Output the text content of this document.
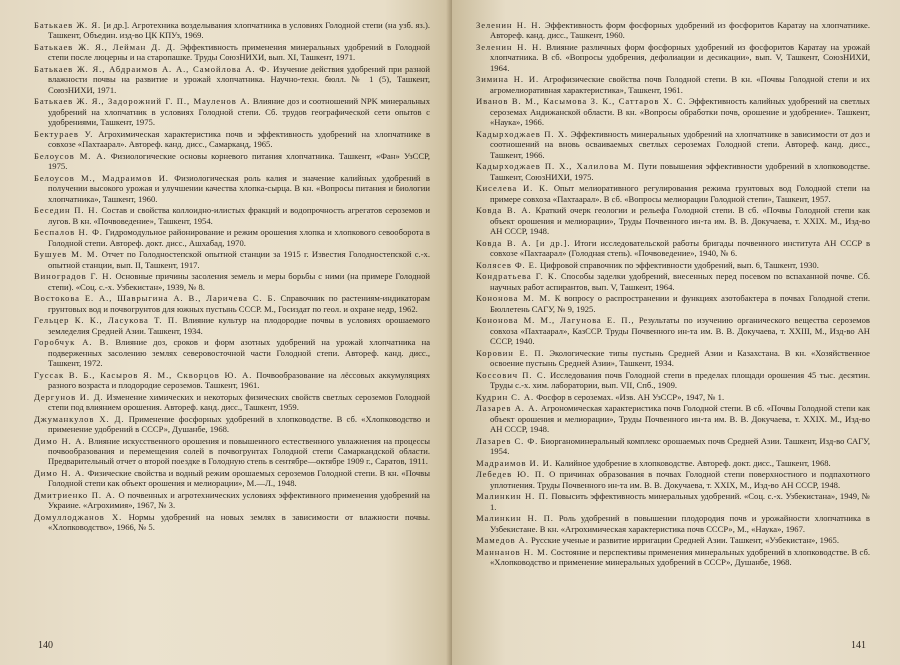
Батькаев Ж. Я. [и др.]. Агротехника возделывания хлопчатника в условиях Голодной степи (на узб. яз.). Ташкент, Объедин. изд-во ЦК КПУз, 1969.

Батькаев Ж. Я., Лейман Д. Д. Эффективность применения минеральных удобрений в Голодной степи после люцерны и на старопашке. Труды СоюзНИХИ, вып. XI, Ташкент, 1971.

Батькаев Ж. Я., Абдраимов А. А., Самойлова А. Ф. Изучение действия удобрений при разной влажности почвы на развитие и урожай хлопчатника. Научно-техн. бюлл. № 1 (5), Ташкент, СоюзНИХИ, 1971.

Батькаев Ж. Я., Задорожний Г. П., Мауленов А. Влияние доз и соотношений NPK минеральных удобрений на хлопчатник в условиях Голодной степи. Сб. трудов географической сети опытов с удобрениями, Ташкент, 1975.

Бектураев У. Агрохимическая характеристика почв и эффективность удобрений на хлопчатнике в совхозе «Пахтаарал». Автореф. канд. дисс., Самарканд, 1965.

Белоусов М. А. Физиологические основы корневого питания хлопчатника. Ташкент, «Фан» УзССР, 1975.

Белоусов М., Мадраимов И. Физиологическая роль калия и значение калийных удобрений в получении высокого урожая и улучшении качества хлопка-сырца. В кн. «Вопросы питания и биологии хлопчатника», Ташкент, 1960.

Беседин П. Н. Состав и свойства коллоидно-илистых фракций и водопрочность агрегатов сероземов и лугов. В кн. «Почвоведение», Ташкент, 1954.

Беспалов Н. Ф. Гидромодульное районирование и режим орошения хлопка и хлопкового севооборота в Голодной степи. Автореф. докт. дисс., Ашхабад, 1970.

Бушуев М. М. Отчет по Голодностепской опытной станции за 1915 г. Известия Голодностепской с.-х. опытной станции, вып. II, Ташкент, 1917.

Виноградов Г. Н. Основные причины засоления земель и меры борьбы с ними (на примере Голодной степи). «Соц. с.-х. Узбекистан», 1939, № 8.

Востокова Е. А., Шаврыгина А. В., Ларичева С. Б. Справочник по растениям-индикаторам грунтовых вод и почвогрунтов для южных пустынь СССР. М., Госиздат по геол. и охране недр, 1962.

Гельцер К. К., Ласукова Т. П. Влияние культур на плодородие почвы в условиях орошаемого земледелия Средней Азии. Ташкент, 1934.

Горобчук А. В. Влияние доз, сроков и форм азотных удобрений на урожай хлопчатника на подверженных засолению землях северовосточной части Голодной степи. Автореф. канд. дисс., Ташкент, 1972.

Гуссак В. Б., Касыров Я. М., Скворцов Ю. А. Почвообразование на лёссовых аккумуляциях разного возраста и плодородие сероземов. Ташкент, 1961.

Дергунов И. Д. Изменение химических и некоторых физических свойств светлых сероземов Голодной степи под влиянием орошения. Автореф. канд. дисс., Ташкент, 1959.

Джуманкулов Х. Д. Применение фосфорных удобрений в хлопководстве. В сб. «Хлопководство и применение удобрений в СССР», Душанбе, 1968.

Димо Н. А. Влияние искусственного орошения и повышенного естественного увлажнения на процессы почвообразования и перемещения солей в почвогрунтах Голодной степи Самаркандской области. Предварительный отчет о второй поездке в Голодную степь в сентябре—октябре 1909 г., Саратов, 1911.

Димо Н. А. Физические свойства и водный режим орошаемых сероземов Голодной степи. В кн. «Почвы Голодной степи как объект орошения и мелиорации», М.—Л., 1948.

Дмитриенко П. А. О почвенных и агротехнических условиях эффективного применения удобрений на Украине. «Агрохимия», 1967, № 3.

Домуллоджанов Х. Нормы удобрений на новых землях в зависимости от влажности почвы. «Хлопководство», 1966, № 5.

140

Зеленин Н. Н. Эффективность форм фосфорных удобрений из фосфоритов Каратау на хлопчатнике. Автореф. канд. дисс., Ташкент, 1960.

Зеленин Н. Н. Влияние различных форм фосфорных удобрений из фосфоритов Каратау на урожай хлопчатника. В сб. «Вопросы удобрения, дефолиации и десикации», вып. V, Ташкент, СоюзНИХИ, 1964.

Зимина Н. И. Агрофизические свойства почв Голодной степи. В кн. «Почвы Голодной степи и их агромелиоративная характеристика», Ташкент, 1961.

Иванов В. М., Касымова З. К., Саттаров Х. С. Эффективность калийных удобрений на светлых сероземах Андижанской области. В кн. «Вопросы обработки почв, орошение и удобрение». Ташкент, «Наука», 1966.

Кадырходжаев П. Х. Эффективность минеральных удобрений на хлопчатнике в зависимости от доз и соотношений на вновь осваиваемых светлых сероземах Голодной степи. Автореф. канд. дисс., Ташкент, 1966.

Кадырходжаев П. Х., Халилова М. Пути повышения эффективности удобрений в хлопководстве. Ташкент, СоюзНИХИ, 1975.

Киселева И. К. Опыт мелиоративного регулирования режима грунтовых вод Голодной степи на примере совхоза «Пахтаарал». В сб. «Вопросы мелиорации Голодной степи», Ташкент, 1957.

Ковда В. А. Краткий очерк геологии и рельефа Голодной степи. В сб. «Почвы Голодной степи как объект орошения и мелиорации», Труды Почвенного ин-та им. В. В. Докучаева, т. XXIX. М., Изд-во АН СССР, 1948.

Ковда В. А. [и др.]. Итоги исследовательской работы бригады почвенного института АН СССР в совхозе «Пахтаарал» (Голодная степь). «Почвоведение», 1940, № 6.

Колясев Ф. Е. Цифровой справочник по эффективности удобрений, вып. 6, Ташкент, 1930.

Кондратьева Г. К. Способы заделки удобрений, внесенных перед посевом по вспаханной почве. Сб. научных работ аспирантов, вып. V, Ташкент, 1964.

Кононова М. М. К вопросу о распространении и функциях азотобактера в почвах Голодной степи. Бюллетень САГУ, № 9, 1925.

Кононова М. М., Лагунова Е. П., Результаты по изучению органического вещества сероземов совхоза «Пахтаарал», КазССР. Труды Почвенного ин-та им. В. В. Докучаева, т. XXIII, М., Изд-во АН СССР, 1940.

Коровин Е. П. Экологические типы пустынь Средней Азии и Казахстана. В кн. «Хозяйственное освоение пустынь Средней Азии», Ташкент, 1934.

Коссович П. С. Исследования почв Голодной степи в пределах площади орошения 45 тыс. десятин. Труды с.-х. хим. лаборатории, вып. VII, Спб., 1909.

Кудрин С. А. Фосфор в сероземах. «Изв. АН УзССР», 1947, № 1.

Лазарев А. А. Агрономическая характеристика почв Голодной степи. В сб. «Почвы Голодной степи как объект орошения и мелиорации», Труды Почвенного ин-та им. В. В. Докучаева, т. XXIX. М., Изд-во АН СССР, 1948.

Лазарев С. Ф. Биорганоминеральный комплекс орошаемых почв Средней Азии. Ташкент, Изд-во САГУ, 1954.

Мадраимов И. И. Калийное удобрение в хлопководстве. Автореф. докт. дисс., Ташкент, 1968.

Лебедев Ю. П. О причинах образования в почвах Голодной степи поверхностного и подпахотного уплотнения. Труды Почвенного ин-та им. В. В. Докучаева, т. XXIX, М., Изд-во АН СССР, 1948.

Малинкин Н. П. Повысить эффективность минеральных удобрений. «Соц. с.-х. Узбекистана», 1949, № 1.

Малинкин Н. П. Роль удобрений в повышении плодородия почв и урожайности хлопчатника в Узбекистане. В кн. «Агрохимическая характеристика почв СССР», М., «Наука», 1967.

Мамедов А. Русские ученые и развитие ирригации Средней Азии. Ташкент, «Узбекистан», 1965.

Маннанов Н. М. Состояние и перспективы применения минеральных удобрений в хлопководстве. В сб. «Хлопководство и применение минеральных удобрений в СССР», Душанбе, 1968.

141
